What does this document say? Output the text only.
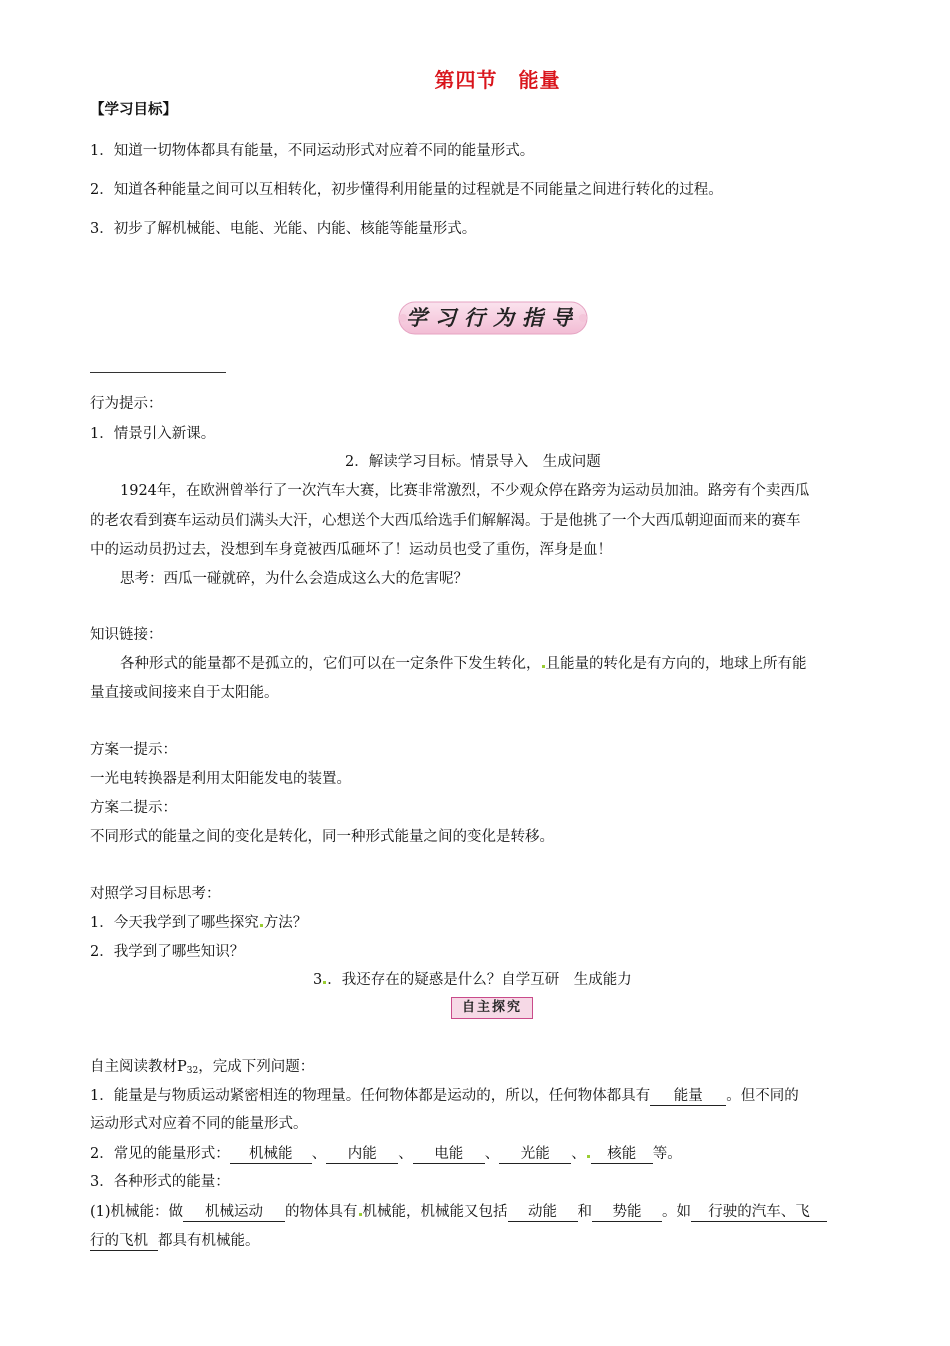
第四节　能量
【学习目标】
1．知道一切物体都具有能量，不同运动形式对应着不同的能量形式。
2．知道各种能量之间可以互相转化，初步懂得利用能量的过程就是不同能量之间进行转化的过程。
3．初步了解机械能、电能、光能、内能、核能等能量形式。
学习行为指导
行为提示：
1．情景引入新课。
2．解读学习目标。情景导入　生成问题
1924年，在欧洲曾举行了一次汽车大赛，比赛非常激烈，不少观众停在路旁为运动员加油。路旁有个卖西瓜
的老农看到赛车运动员们满头大汗，心想送个大西瓜给选手们解解渴。于是他挑了一个大西瓜朝迎面而来的赛车
中的运动员扔过去，没想到车身竟被西瓜砸坏了！运动员也受了重伤，浑身是血！
思考：西瓜一碰就碎，为什么会造成这么大的危害呢？
知识链接：
各种形式的能量都不是孤立的，它们可以在一定条件下发生转化， 且能量的转化是有方向的，地球上所有能
量直接或间接来自于太阳能。
方案一提示：
一光电转换器是利用太阳能发电的装置。
方案二提示：
不同形式的能量之间的变化是转化，同一种形式能量之间的变化是转移。
对照学习目标思考：
1．今天我学到了哪些探究 方法？
2．我学到了哪些知识？
3 ．我还存在的疑惑是什么？自学互研　生成能力
自主探究
自主阅读教材$P_{32}$，完成下列问题：
1．能量是与物质运动紧密相连的物理量。任何物体都是运动的，所以，任何物体都具有 能量 。但不同的
运动形式对应着不同的能量形式。
2．常见的能量形式： 机械能 、 内能 、 电能 、 光能 、 核能 等。
3．各种形式的能量：
(1)机械能：做 机械运动 的物体具有 机械能，机械能又包括 动能 和 势能 。如 行驶的汽车、飞
行的飞机 都具有机械能。
